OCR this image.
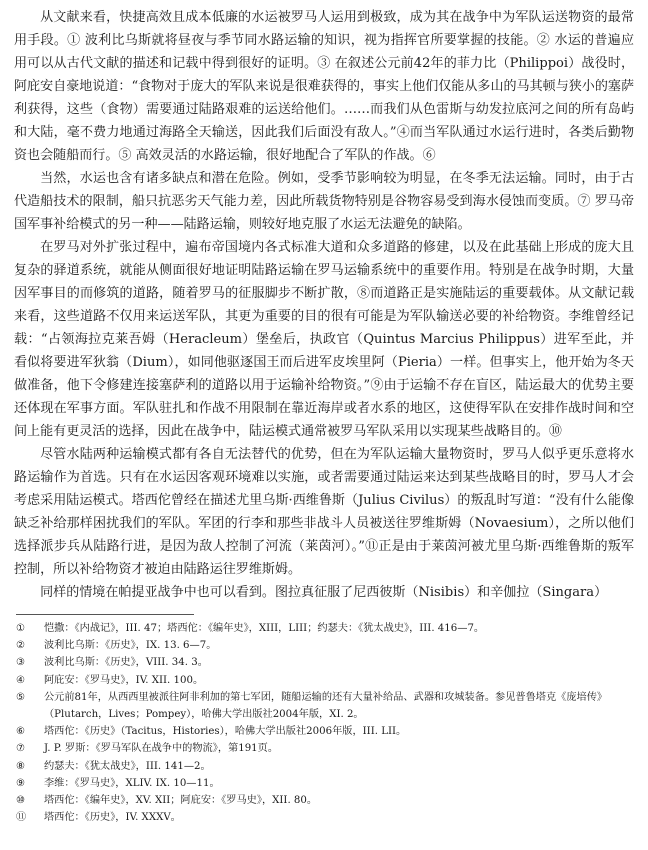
从文献来看，快捷高效且成本低廉的水运被罗马人运用到极致，成为其在战争中为军队运送物资的最常用手段。① 波利比乌斯就将昼夜与季节同水路运输的知识，视为指挥官所要掌握的技能。② 水运的普遍应用可以从古代文献的描述和记载中得到很好的证明。③ 在叙述公元前42年的菲力比（Philippoi）战役时，阿庇安自豪地说道：“食物对于庞大的军队来说是很难获得的，事实上他们仅能从多山的马其顿与狭小的塞萨利获得，这些（食物）需要通过陆路艰难的运送给他们。……而我们从色雷斯与幼发拉底河之间的所有岛屿和大陆，毫不费力地通过海路全天输送，因此我们后面没有敌人。”④而当军队通过水运行进时，各类后勤物资也会随船而行。⑤ 高效灵活的水路运输，很好地配合了军队的作战。⑥

当然，水运也含有诸多缺点和潜在危险。例如，受季节影响较为明显，在冬季无法运输。同时，由于古代造船技术的限制，船只抗恶劣天气能力差，因此所载货物特别是谷物容易受到海水侵蚀而变质。⑦ 罗马帝国军事补给模式的另一种——陆路运输，则较好地克服了水运无法避免的缺陷。

在罗马对外扩张过程中，遍布帝国境内各式标准大道和众多道路的修建，以及在此基础上形成的庞大且复杂的驿道系统，就能从侧面很好地证明陆路运输在罗马运输系统中的重要作用。特别是在战争时期，大量因军事目的而修筑的道路，随着罗马的征服脚步不断扩散，⑧而道路正是实施陆运的重要载体。从文献记载来看，这些道路不仅用来运送军队，其更为重要的目的很有可能是为军队输送必要的补给物资。李维曾经记载：“占领海拉克莱吾姆（Heracleum）堡垒后，执政官（Quintus Marcius Philippus）进军至此，并看似将要进军狄翁（Dium），如同他驱逐国王而后进军皮埃里阿（Pieria）一样。但事实上，他开始为冬天做准备，他下令修建连接塞萨利的道路以用于运输补给物资。”⑨由于运输不存在盲区，陆运最大的优势主要还体现在军事方面。军队驻扎和作战不用限制在靠近海岸或者水系的地区，这使得军队在安排作战时间和空间上能有更灵活的选择，因此在战争中，陆运模式通常被罗马军队采用以实现某些战略目的。⑩

尽管水陆两种运输模式都有各自无法替代的优势，但在为军队运输大量物资时，罗马人似乎更乐意将水路运输作为首选。只有在水运因客观环境难以实施，或者需要通过陆运来达到某些战略目的时，罗马人才会考虑采用陆运模式。塔西佗曾经在描述尤里乌斯·西维鲁斯（Julius Civilus）的叛乱时写道：“没有什么能像缺乏补给那样困扰我们的军队。军团的行李和那些非战斗人员被送往罗维斯姆（Novaesium），之所以他们选择派步兵从陆路行进，是因为敌人控制了河流（莱茵河）。”⑪正是由于莱茵河被尤里乌斯·西维鲁斯的叛军控制，所以补给物资才被迫由陆路运往罗维斯姆。

同样的情境在帕提亚战争中也可以看到。图拉真征服了尼西彼斯（Nisibis）和辛伽拉（Singara）

①	恺撒：《内战记》，III. 47；塔西佗：《编年史》，XIII，LIII；约瑟夫：《犹太战史》，III. 416—7。
②	波利比乌斯：《历史》，IX. 13. 6—7。
③	波利比乌斯：《历史》，VIII. 34. 3。
④	阿庇安：《罗马史》，IV. XII. 100。
⑤	公元前81年，从西西里被派往阿非利加的第七军团，随船运输的还有大量补给品、武器和攻城装备。参见普鲁塔克《庞培传》（Plutarch，Lives；Pompey），哈佛大学出版社2004年版，XI. 2。
⑥	塔西佗：《历史》（Tacitus，Histories），哈佛大学出版社2006年版，III. LII。
⑦	J. P. 罗斯：《罗马军队在战争中的物流》，第191页。
⑧	约瑟夫：《犹太战史》，III. 141—2。
⑨	李维：《罗马史》，XLIV. IX. 10—11。
⑩	塔西佗：《编年史》，XV. XII；阿庇安：《罗马史》，XII. 80。
⑪	塔西佗：《历史》，IV. XXXV。
